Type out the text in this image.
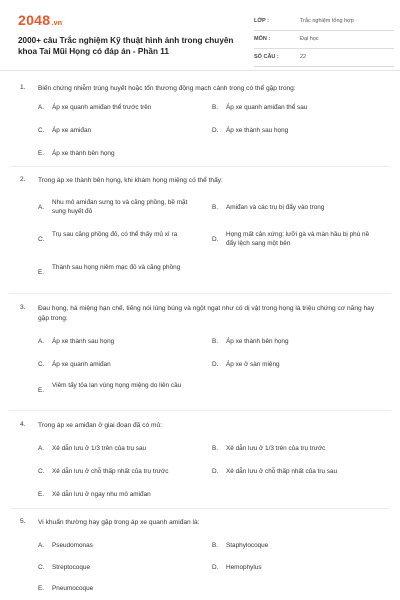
2048.vn
2000+ câu Trắc nghiệm Kỹ thuật hình ảnh trong chuyên khoa Tai Mũi Họng có đáp án - Phần 11
LỚP :	Trắc nghiệm tổng hợp
MÔN :	Đại học
SỐ CÂU :	22
1. Biến chứng nhiễm trùng huyết hoặc tổn thương động mạch cảnh trong có thể gặp trong:
A. Áp xe quanh amiđan thể trước trên	B. Áp xe quanh amiđan thể sau
C. Áp xe amiđan	D. Áp xe thành sau họng
E. Áp xe thành bên họng
2. Trong áp xe thành bên họng, khi khám họng miệng có thể thấy:
A.
Nhu mô amiđan sưng to và căng phồng, bề mặt sung huyết đỏ
B. Amiđan và các trụ bị đẩy vào trong
C.
Trụ sau căng phồng đỏ, có thể thấy mủ xì ra
D.
Họng mất cân xứng: lưỡi gà và màn hầu bị phù nề đẩy lệch sang một bên
E.
Thành sau họng niêm mạc đỏ và căng phồng
3. Đau họng, há miệng hạn chế, tiếng nói lúng búng và ngột ngạt như có dị vật trong họng là triệu chứng cơ năng hay gặp trong:
A. Áp xe thành sau họng	B. Áp xe thành bên họng
C. Áp xe quanh amiđan	D. Áp xe ở sàn miệng
E.
Viêm tấy tỏa lan vùng họng miệng do liên cầu
4. Trong áp xe amiđan ở giai đoạn đã có mủ:
A. Xẻ dẫn lưu ở 1/3 trên của trụ sau	B. Xẻ dẫn lưu ở 1/3 trên của trụ trước
C. Xẻ dẫn lưu ở chỗ thấp nhất của trụ trước	D. Xẻ dẫn lưu ở chỗ thấp nhất của trụ sau
E. Xẻ dẫn lưu ở ngay nhu mô amiđan
5. Vi khuẩn thường hay gặp trong áp xe quanh amiđan là:
A. Pseudomonas	B. Staphylocoque
C. Streptocoque	D. Hemophylus
E. Pneumocoque
